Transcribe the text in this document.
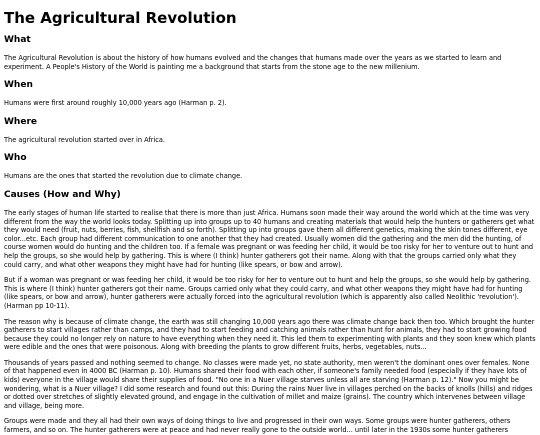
The Agricultural Revolution
What

The Agricultural Revolution is about the history of how humans evolved and the changes that humans made over the years as we started to learn and experiment. A People's History of the World is painting me a background that starts from the stone age to the new millenium.

When

Humans were first around roughly 10,000 years ago (Harman p. 2).

Where

The agricultural revolution started over in Africa.

Who

Humans are the ones that started the revolution due to climate change.

Causes (How and Why)

The early stages of human life started to realise that there is more than just Africa. Humans soon made their way around the world which at the time was very different from the way the world looks today. Splitting up into groups up to 40 humans and creating materials that would help the hunters or gatherers get what they would need (fruit, nuts, berries, fish, shellfish and so forth). Splitting up into groups gave them all different genetics, making the skin tones different, eye color...etc. Each group had different communication to one another that they had created. Usually women did the gathering and the men did the hunting, of course women would do hunting and the children too. If a female was pregnant or was feeding her child, it would be too risky for her to venture out to hunt and help the groups, so she would help by gathering. This is where (I think) hunter gatherers got their name. Along with that the groups carried only what they could carry, and what other weapons they might have had for hunting (like spears, or bow and arrow).

But if a woman was pregnant or was feeding her child, it would be too risky for her to venture out to hunt and help the groups, so she would help by gathering. This is where (I think) hunter gatherers got their name. Groups carried only what they could carry, and what other weapons they might have had for hunting (like spears, or bow and arrow), hunter gatherers were actually forced into the agricultural revolution (which is apparently also called Neolithic 'revolution'). (Harman pp 10-11).

The reason why is because of climate change, the earth was still changing 10,000 years ago there was climate change back then too. Which brought the hunter gatherers to start villages rather than camps, and they had to start feeding and catching animals rather than hunt for animals, they had to start growing food because they could no longer rely on nature to have everything when they need it. This led them to experimenting with plants and they soon knew which plants were edible and the ones that were poisonous. Along with breeding the plants to grow different fruits, herbs, vegetables, nuts...

Thousands of years passed and nothing seemed to change. No classes were made yet, no state authority, men weren't the dominant ones over females. None of that happened even in 4000 BC (Harman p. 10). Humans shared their food with each other, if someone's family needed food (especially if they have lots of kids) everyone in the village would share their supplies of food. "No one in a Nuer village starves unless all are starving (Harman p. 12)." Now you might be wondering, what is a Nuer village? I did some research and found out this: During the rains Nuer live in villages perched on the backs of knolls (hills) and ridges or dotted over stretches of slightly elevated ground, and engage in the cultivation of millet and maize (grains). The country which intervenes between village and village, being more.

Groups were made and they all had their own ways of doing things to live and progressed in their own ways. Some groups were hunter gatherers, others farmers, and so on. The hunter gatherers were at peace and had never really gone to the outside world... until later in the 1930s some hunter gatherers
